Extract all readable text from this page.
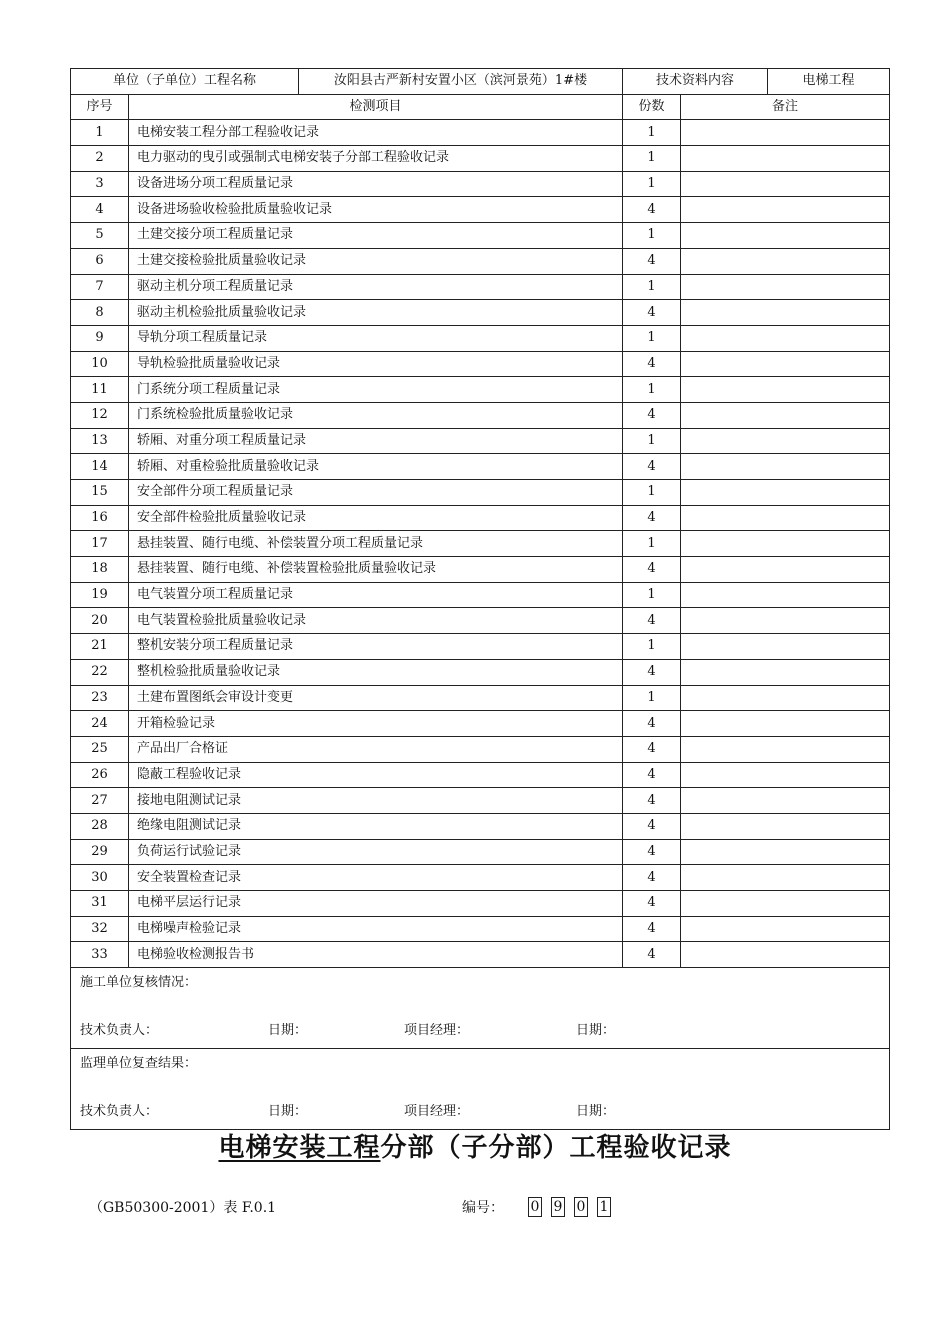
单位（子单位）工程名称		汝阳县古严新村安置小区（滨河景苑）1#楼	技术资料内容		电梯工程
序号	检测项目		份数	备注	
1	电梯安装工程分部工程验收记录		1		
2	电力驱动的曳引或强制式电梯安装子分部工程验收记录		1		
3	设备进场分项工程质量记录		1		
4	设备进场验收检验批质量验收记录		4		
5	土建交接分项工程质量记录		1		
6	土建交接检验批质量验收记录		4		
7	驱动主机分项工程质量记录		1		
8	驱动主机检验批质量验收记录		4		
9	导轨分项工程质量记录		1		
10	导轨检验批质量验收记录		4		
11	门系统分项工程质量记录		1		
12	门系统检验批质量验收记录		4		
13	轿厢、对重分项工程质量记录		1		
14	轿厢、对重检验批质量验收记录		4		
15	安全部件分项工程质量记录		1		
16	安全部件检验批质量验收记录		4		
17	悬挂装置、随行电缆、补偿装置分项工程质量记录		1		
18	悬挂装置、随行电缆、补偿装置检验批质量验收记录		4		
19	电气装置分项工程质量记录		1		
20	电气装置检验批质量验收记录		4		
21	整机安装分项工程质量记录		1		
22	整机检验批质量验收记录		4		
23	土建布置图纸会审设计变更		1		
24	开箱检验记录		4		
25	产品出厂合格证		4		
26	隐蔽工程验收记录		4		
27	接地电阻测试记录		4		
28	绝缘电阻测试记录		4		
29	负荷运行试验记录		4		
30	安全装置检查记录		4		
31	电梯平层运行记录		4		
32	电梯噪声检验记录		4		
33	电梯验收检测报告书		4		

施工单位复核情况：
技术负责人： 日期： 项目经理： 日期：					

监理单位复查结果：
技术负责人： 日期： 项目经理： 日期：					
电梯安装工程分部（子分部）工程验收记录
（GB50300-2001）表 F.0.1	编号： 0 9 0 1
